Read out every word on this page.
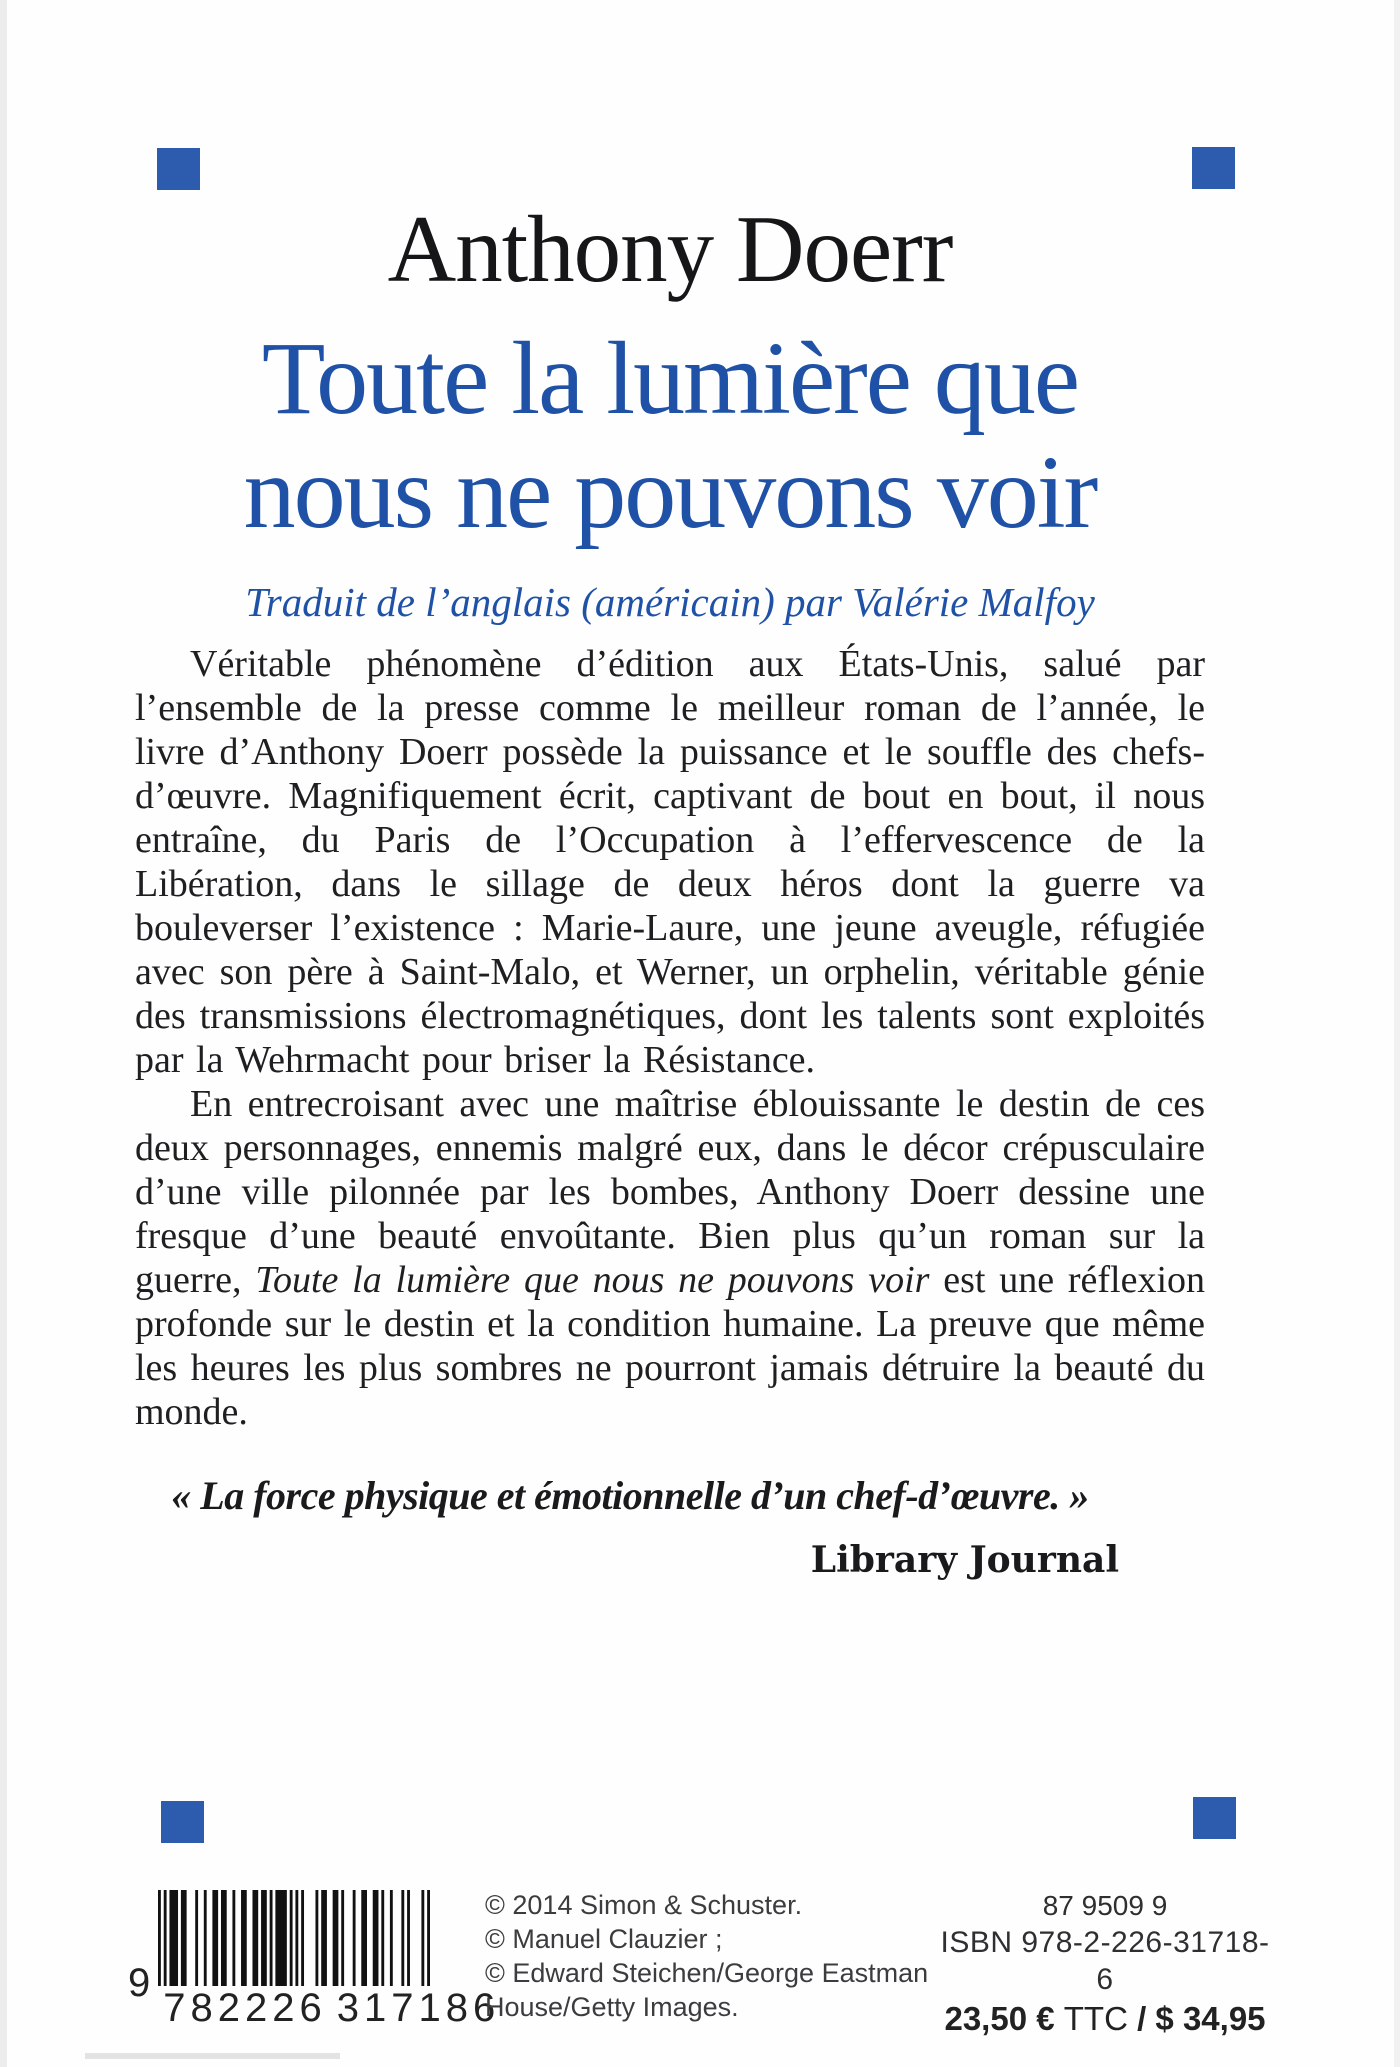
Anthony Doerr
Toute la lumière que
nous ne pouvons voir
Traduit de l’anglais (américain) par Valérie Malfoy

Véritable phénomène d’édition aux États-Unis, salué par l’ensemble de la presse comme le meilleur roman de l’année, le livre d’Anthony Doerr possède la puissance et le souffle des chefs-d’œuvre. Magnifiquement écrit, captivant de bout en bout, il nous entraîne, du Paris de l’Occupation à l’effervescence de la Libération, dans le sillage de deux héros dont la guerre va bouleverser l’existence : Marie-Laure, une jeune aveugle, réfugiée avec son père à Saint-Malo, et Werner, un orphelin, véritable génie des transmissions électromagnétiques, dont les talents sont exploités par la Wehrmacht pour briser la Résistance.

En entrecroisant avec une maîtrise éblouissante le destin de ces deux personnages, ennemis malgré eux, dans le décor crépusculaire d’une ville pilonnée par les bombes, Anthony Doerr dessine une fresque d’une beauté envoûtante. Bien plus qu’un roman sur la guerre, Toute la lumière que nous ne pouvons voir est une réflexion profonde sur le destin et la condition humaine. La preuve que même les heures les plus sombres ne pourront jamais détruire la beauté du monde.

« La force physique et émotionnelle d’un chef-d’œuvre. »
Library Journal
9
782226 317186
© 2014 Simon & Schuster.
© Manuel Clauzier ;
© Edward Steichen/George Eastman
House/Getty Images.
87 9509 9
ISBN 978-2-226-31718-6
23,50 € TTC / $ 34,95
